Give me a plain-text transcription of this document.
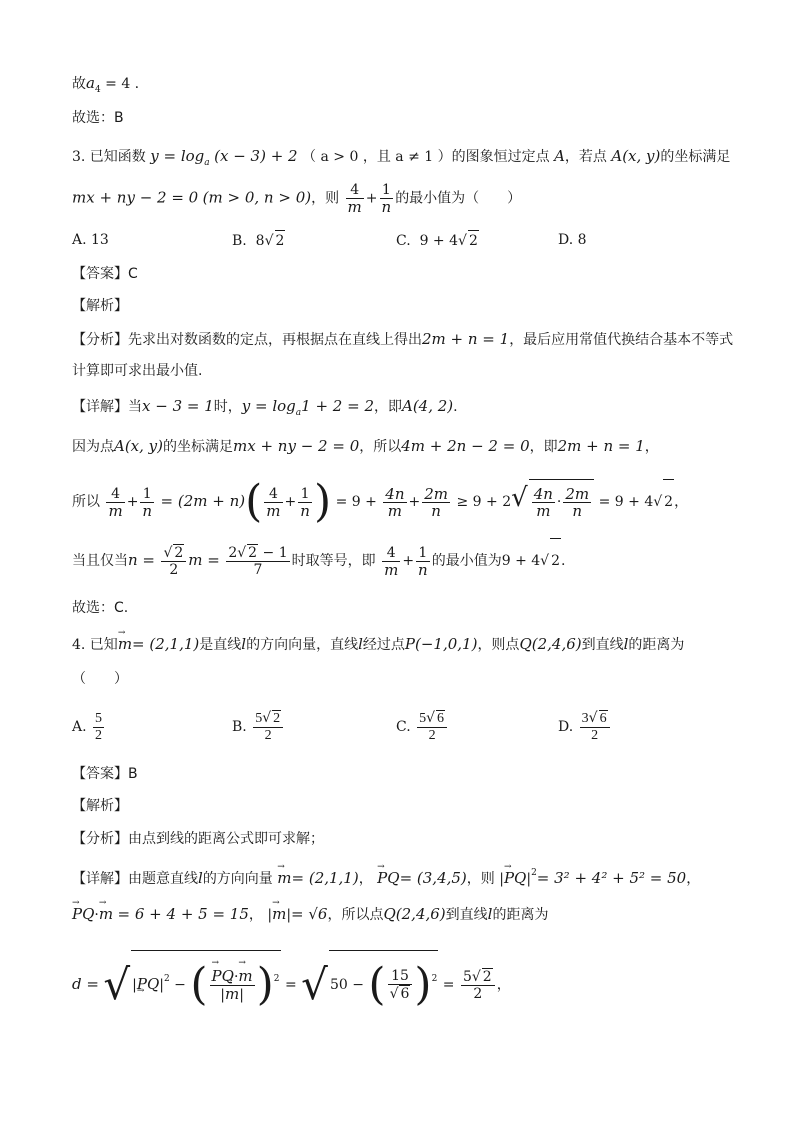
故$a_4 = 4$ .
故选：B
3. 已知函数 $y = \log_a (x - 3) + 2$ （ a > 0 ，且 a ≠ 1 ）的图象恒过定点 A，若点 A(x, y)的坐标满足
mx + ny − 2 = 0 (m > 0, n > 0)，则 $\frac{4}{m} + \frac{1}{n}$ 的最小值为（　　）
A. 13	B. 8√ 2	C. 9 + 4√ 2	D. 8
【答案】C
【解析】
【分析】先求出对数函数的定点，再根据点在直线上得出2m + n = 1，最后应用常值代换结合基本不等式
计算即可求出最小值.
【详解】当x − 3 = 1时，$y = \log_a1 + 2 = 2$，即A(4, 2).
因为点A(x, y)的坐标满足mx + ny − 2 = 0，所以4m + 2n − 2 = 0，即2m + n = 1，
所以 $\frac{4}{m} + \frac{1}{n} = (2m + n)( \frac{4}{m} + \frac{1}{n}$ ) = $9 + \frac{4n}{m} + \frac{2m}{n} \ge 9 + 2√ \frac{4n}{m} \cdot \frac{2m}{n} = 9 + 4√$ 2，
当且仅当$n = \frac{√ 2}{2}$ $m = \frac{2√ 2 - 1}{7}$ 时取等号，即 $\frac{4}{m} + \frac{1}{n}$ 的最小值为9 + 4√ 2.
故选：C.
4. 已知→ m= (2,1,1)是直线l的方向向量，直线l经过点P(−1,0,1)，则点Q(2,4,6)到直线l的距离为
（　　）
A. $\frac{5}{2}$	B. $\frac{5√ 2}{2}$	C. $\frac{5√ 6}{2}$	D. $\frac{3√ 6}{2}$
【答案】B
【解析】
【分析】由点到线的距离公式即可求解；
【详解】由题意直线l的方向向量 → m= (2,1,1)， → PQ= (3,4,5)，则 |→ $PQ|^2= 3^2 + 4^2 + 5^2 = 50$，
→ PQ·→ m = 6 + 4 + 5 = 15， |→ m|= √6，所以点Q(2,4,6)到直线l的距离为
d = √|→ $PQ|^2$ − ( → $\frac{PQ\cdot\to m}{|\to m|} )^2$ = √ 50 − ( $\frac{15}{√ 6} )^2 = \frac{5√ 2}{2}$ ，
